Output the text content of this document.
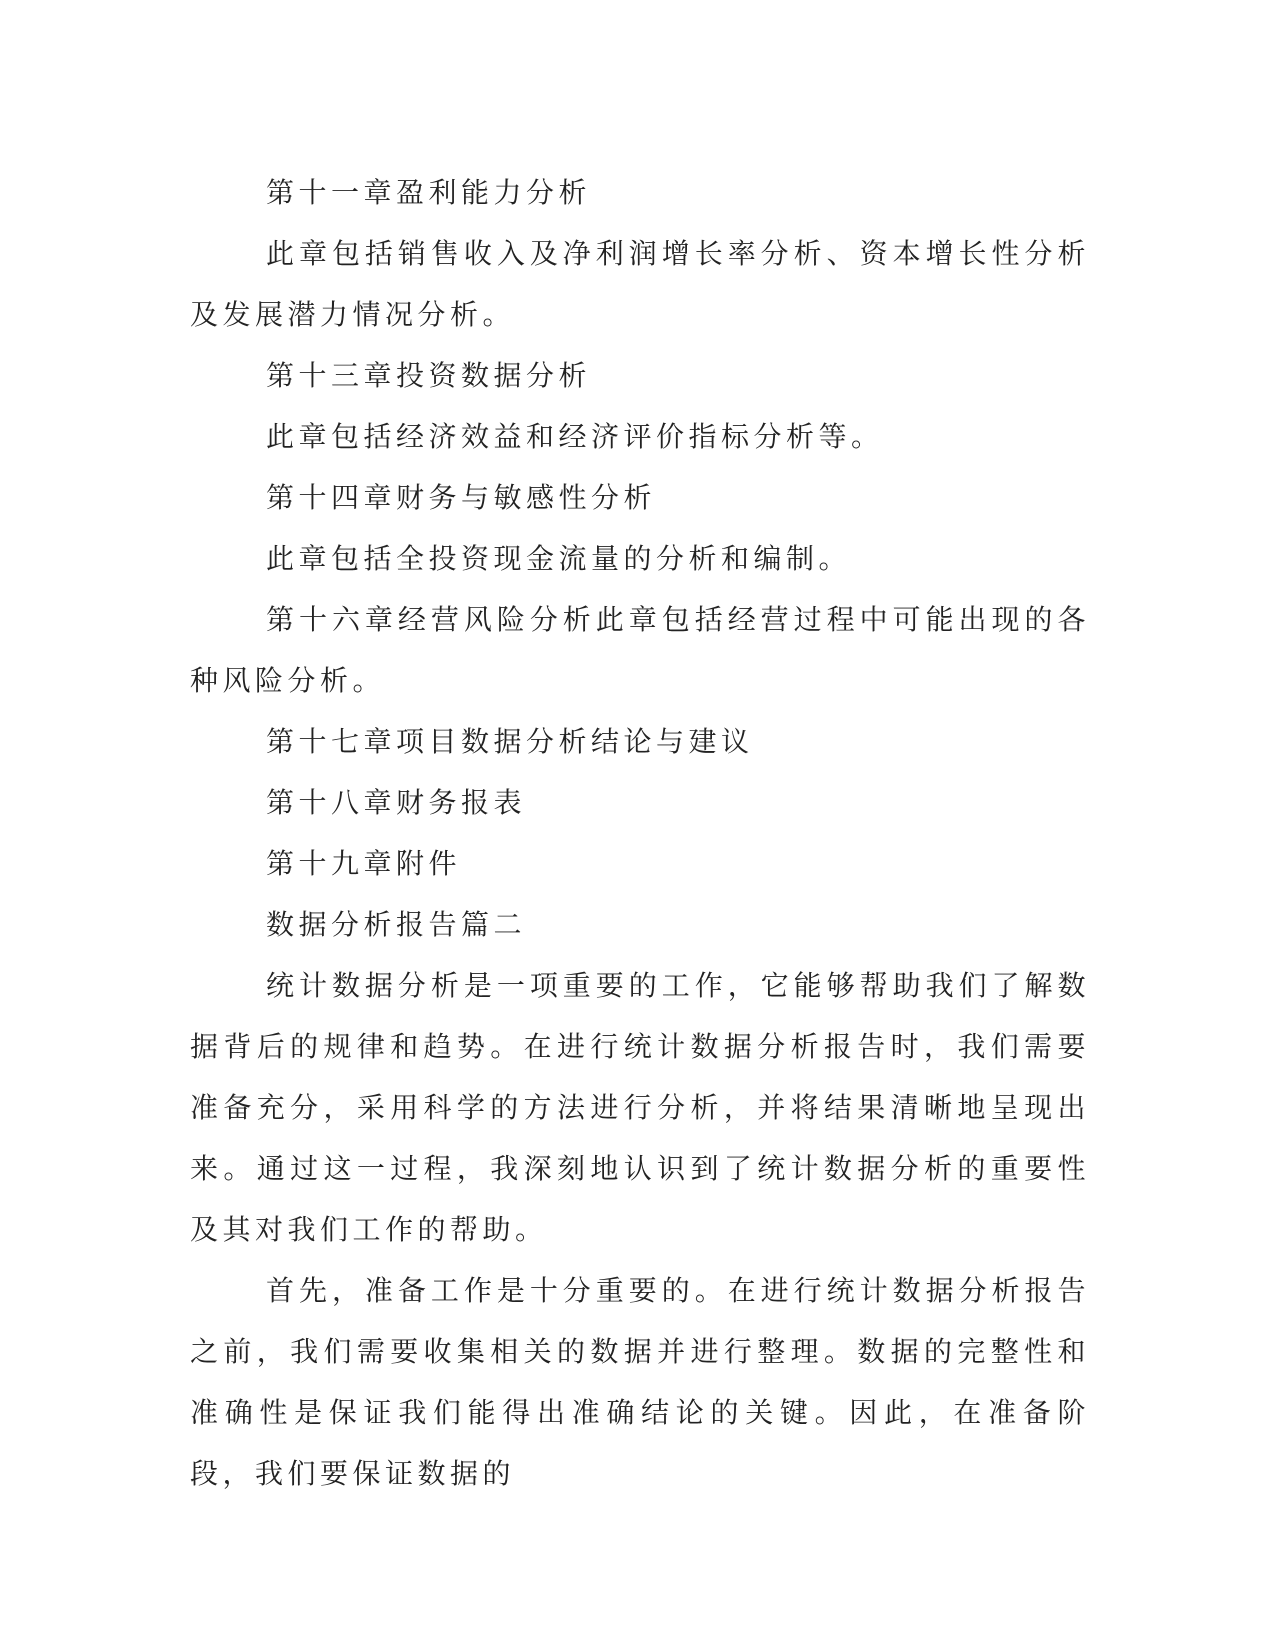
第十一章盈利能力分析

此章包括销售收入及净利润增长率分析、资本增长性分析及发展潜力情况分析。

第十三章投资数据分析

此章包括经济效益和经济评价指标分析等。

第十四章财务与敏感性分析

此章包括全投资现金流量的分析和编制。

第十六章经营风险分析此章包括经营过程中可能出现的各种风险分析。

第十七章项目数据分析结论与建议

第十八章财务报表

第十九章附件

数据分析报告篇二

统计数据分析是一项重要的工作，它能够帮助我们了解数据背后的规律和趋势。在进行统计数据分析报告时，我们需要准备充分，采用科学的方法进行分析，并将结果清晰地呈现出来。通过这一过程，我深刻地认识到了统计数据分析的重要性及其对我们工作的帮助。

首先，准备工作是十分重要的。在进行统计数据分析报告之前，我们需要收集相关的数据并进行整理。数据的完整性和准确性是保证我们能得出准确结论的关键。因此，在准备阶段，我们要保证数据的
